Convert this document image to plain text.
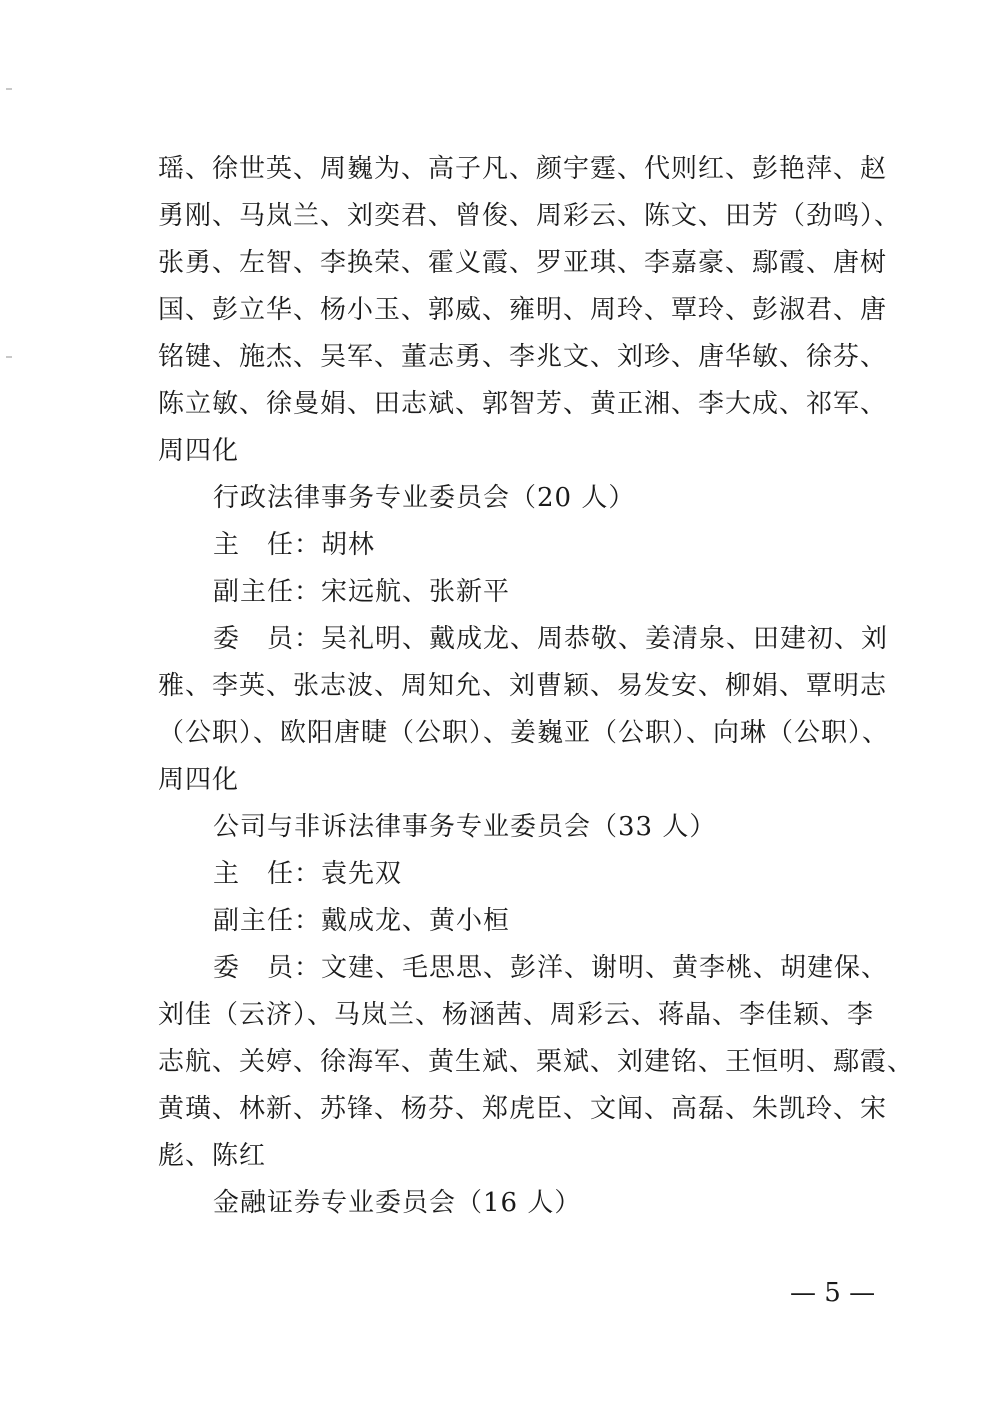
瑶、徐世英、周巍为、高子凡、颜宇霆、代则红、彭艳萍、赵
勇刚、马岚兰、刘奕君、曾俊、周彩云、陈文、田芳（劲鸣）、
张勇、左智、李换荣、霍义霞、罗亚琪、李嘉豪、鄢霞、唐树
国、彭立华、杨小玉、郭威、雍明、周玲、覃玲、彭淑君、唐
铭键、施杰、吴军、董志勇、李兆文、刘珍、唐华敏、徐芬、
陈立敏、徐曼娟、田志斌、郭智芳、黄正湘、李大成、祁军、
周四化
行政法律事务专业委员会（20 人）
主　任：胡林
副主任：宋远航、张新平
委　员：吴礼明、戴成龙、周恭敬、姜清泉、田建初、刘
雅、李英、张志波、周知允、刘曹颖、易发安、柳娟、覃明志
（公职）、欧阳唐睫（公职）、姜巍亚（公职）、向琳（公职）、
周四化
公司与非诉法律事务专业委员会（33 人）
主　任：袁先双
副主任：戴成龙、黄小桓
委　员：文建、毛思思、彭洋、谢明、黄李桃、胡建保、
刘佳（云济）、马岚兰、杨涵茜、周彩云、蒋晶、李佳颖、李
志航、关婷、徐海军、黄生斌、栗斌、刘建铭、王恒明、鄢霞、
黄璜、林新、苏锋、杨芬、郑虎臣、文闻、高磊、朱凯玲、宋
彪、陈红
金融证券专业委员会（16 人）
— 5 —
